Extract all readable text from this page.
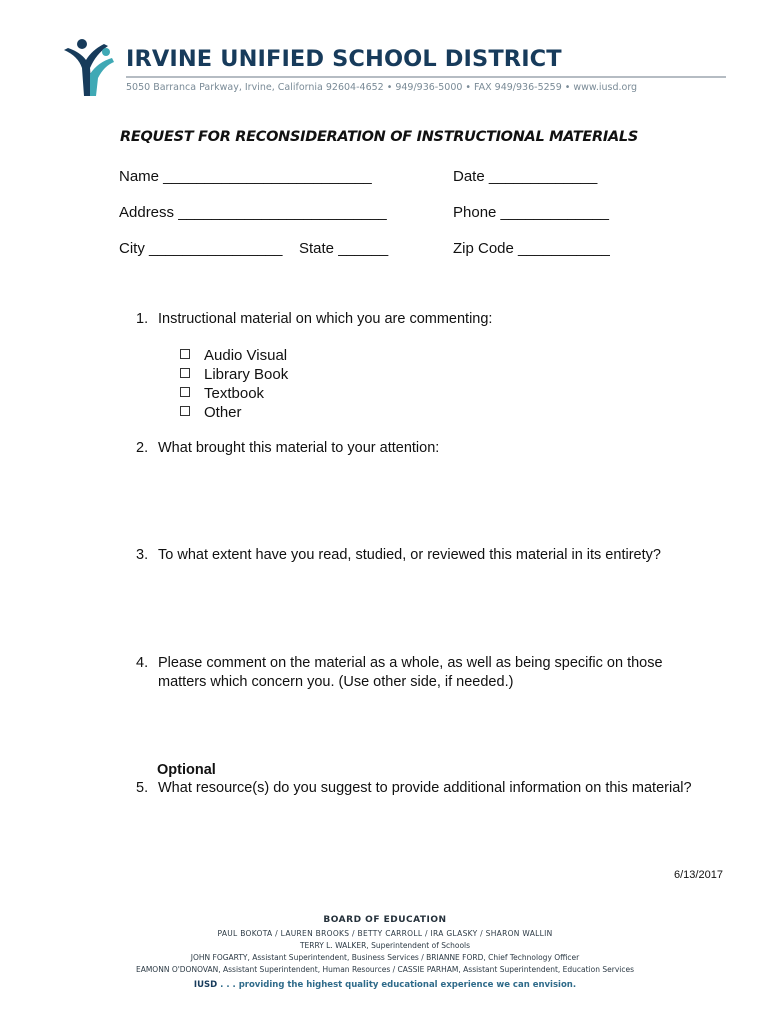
IRVINE UNIFIED SCHOOL DISTRICT
5050 Barranca Parkway, Irvine, California 92604-4652 • 949/936-5000 • FAX 949/936-5259 • www.iusd.org
REQUEST FOR RECONSIDERATION OF INSTRUCTIONAL MATERIALS
Name _________________________	Date _____________
Address _________________________	Phone _____________
City ________________ State ______	Zip Code ___________
1. Instructional material on which you are commenting:
Audio Visual
Library Book
Textbook
Other
2. What brought this material to your attention:
3. To what extent have you read, studied, or reviewed this material in its entirety?
4. Please comment on the material as a whole, as well as being specific on those matters which concern you. (Use other side, if needed.)
Optional
5. What resource(s) do you suggest to provide additional information on this material?
6/13/2017
BOARD OF EDUCATION
PAUL BOKOTA / LAUREN BROOKS / BETTY CARROLL / IRA GLASKY / SHARON WALLIN
TERRY L. WALKER, Superintendent of Schools
JOHN FOGARTY, Assistant Superintendent, Business Services / BRIANNE FORD, Chief Technology Officer
EAMONN O'DONOVAN, Assistant Superintendent, Human Resources / CASSIE PARHAM, Assistant Superintendent, Education Services
IUSD . . . providing the highest quality educational experience we can envision.
